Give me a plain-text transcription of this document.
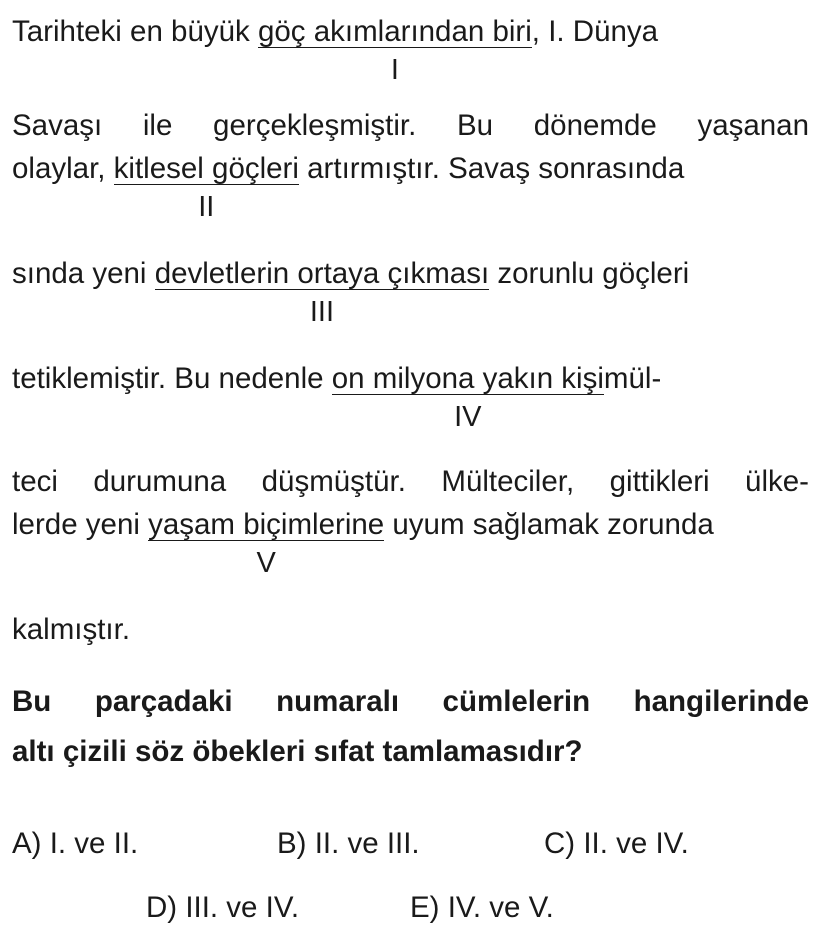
Tarihteki en büyük göç akımlarından biri
I
, I. Dünya
Savaşı ile gerçekleşmiştir. Bu dönemde yaşanan
olaylar, kitlesel göçleri
II
artırmıştır. Savaş sonrasında
sında yeni devletlerin ortaya çıkması
III
zorunlu göçleri
tetiklemiştir. Bu nedenle on milyona yakın kişi
IV
mül-
teci durumuna düşmüştür. Mülteciler, gittikleri ülke-
lerde yeni yaşam biçimlerine
V
uyum sağlamak zorunda
kalmıştır.
Bu parçadaki numaralı cümlelerin hangilerinde
altı çizili söz öbekleri sıfat tamlamasıdır?
A) I. ve II.	B) II. ve III.	C) II. ve IV.
D) III. ve IV.	E) IV. ve V.
